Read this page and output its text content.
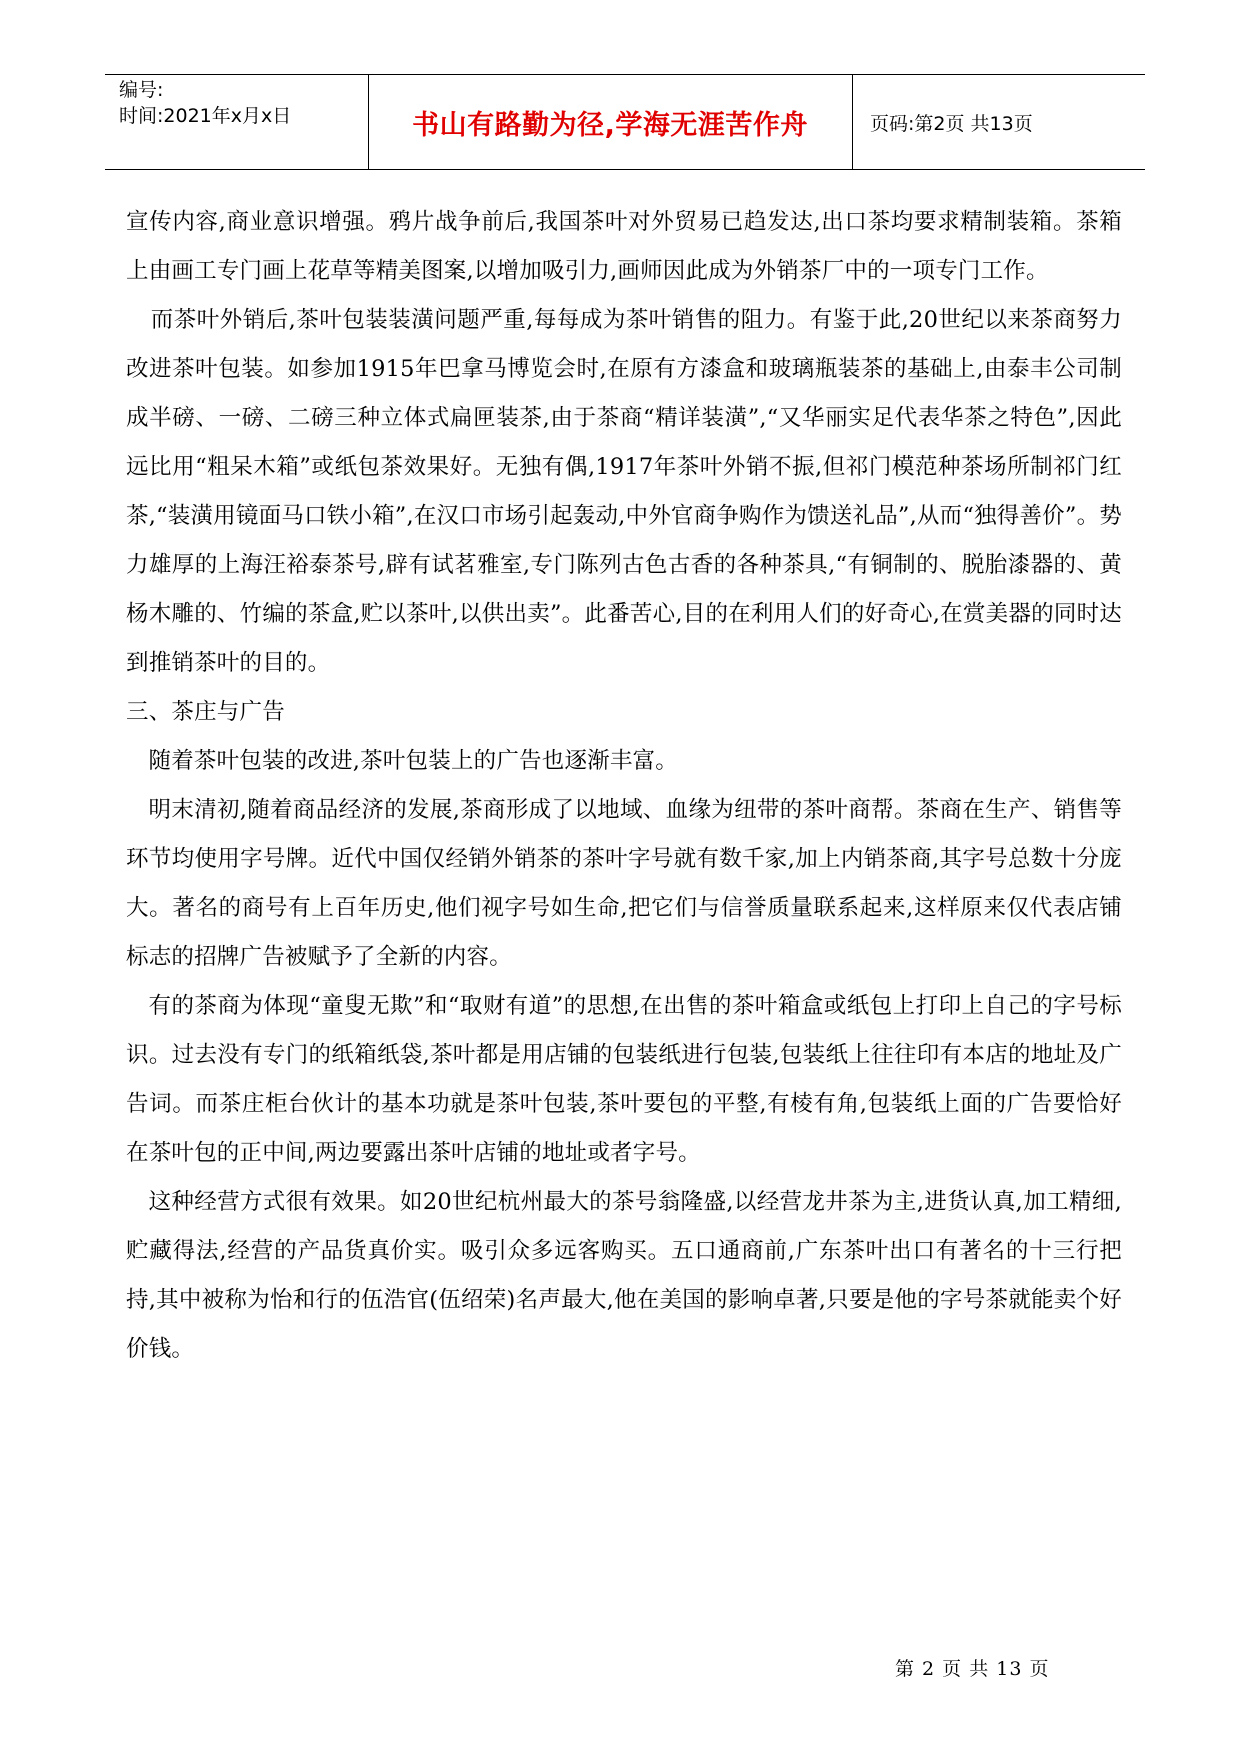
编号:
时间:2021年x月x日	书山有路勤为径,学海无涯苦作舟	页码:第2页 共13页

宣传内容,商业意识增强。鸦片战争前后,我国茶叶对外贸易已趋发达,出口茶均要求精制装箱。茶箱上由画工专门画上花草等精美图案,以增加吸引力,画师因此成为外销茶厂中的一项专门工作。

而茶叶外销后,茶叶包装装潢问题严重,每每成为茶叶销售的阻力。有鉴于此,20世纪以来茶商努力改进茶叶包装。如参加1915年巴拿马博览会时,在原有方漆盒和玻璃瓶装茶的基础上,由泰丰公司制成半磅、一磅、二磅三种立体式扁匣装茶,由于茶商“精详装潢”,“又华丽实足代表华茶之特色”,因此远比用“粗呆木箱”或纸包茶效果好。无独有偶,1917年茶叶外销不振,但祁门模范种茶场所制祁门红茶,“装潢用镜面马口铁小箱”,在汉口市场引起轰动,中外官商争购作为馈送礼品”,从而“独得善价”。势力雄厚的上海汪裕泰茶号,辟有试茗雅室,专门陈列古色古香的各种茶具,“有铜制的、脱胎漆器的、黄杨木雕的、竹编的茶盒,贮以茶叶,以供出卖”。此番苦心,目的在利用人们的好奇心,在赏美器的同时达到推销茶叶的目的。

三、茶庄与广告

随着茶叶包装的改进,茶叶包装上的广告也逐渐丰富。

明末清初,随着商品经济的发展,茶商形成了以地域、血缘为纽带的茶叶商帮。茶商在生产、销售等环节均使用字号牌。近代中国仅经销外销茶的茶叶字号就有数千家,加上内销茶商,其字号总数十分庞大。著名的商号有上百年历史,他们视字号如生命,把它们与信誉质量联系起来,这样原来仅代表店铺标志的招牌广告被赋予了全新的内容。

有的茶商为体现“童叟无欺”和“取财有道”的思想,在出售的茶叶箱盒或纸包上打印上自己的字号标识。过去没有专门的纸箱纸袋,茶叶都是用店铺的包装纸进行包装,包装纸上往往印有本店的地址及广告词。而茶庄柜台伙计的基本功就是茶叶包装,茶叶要包的平整,有棱有角,包装纸上面的广告要恰好在茶叶包的正中间,两边要露出茶叶店铺的地址或者字号。

这种经营方式很有效果。如20世纪杭州最大的茶号翁隆盛,以经营龙井茶为主,进货认真,加工精细,贮藏得法,经营的产品货真价实。吸引众多远客购买。五口通商前,广东茶叶出口有著名的十三行把持,其中被称为怡和行的伍浩官(伍绍荣)名声最大,他在美国的影响卓著,只要是他的字号茶就能卖个好价钱。

第 2 页 共 13 页
